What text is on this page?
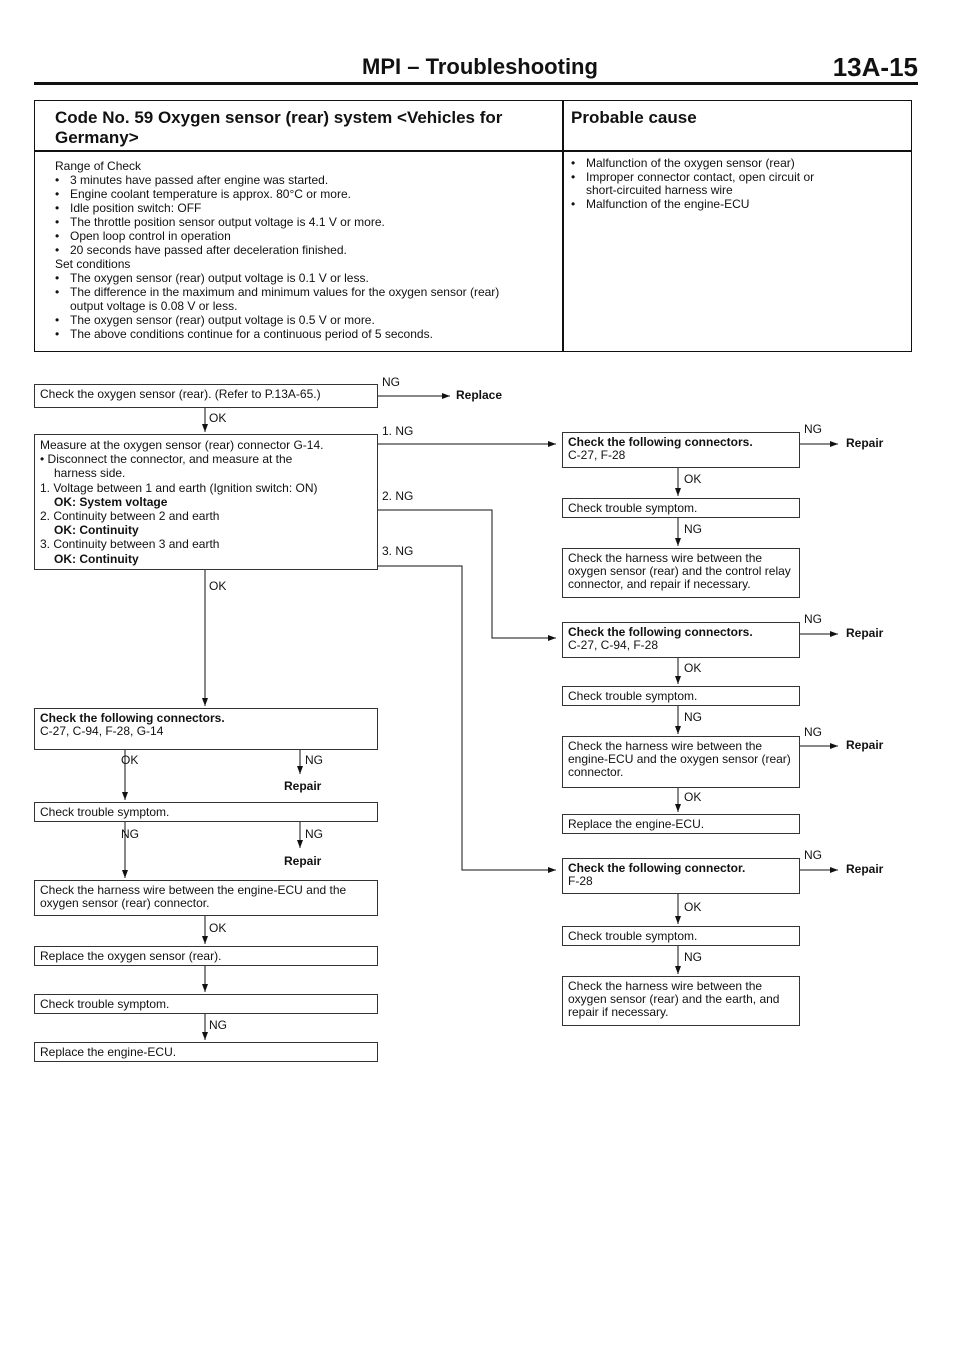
MPI – Troubleshooting	13A-15
Code No. 59 Oxygen sensor (rear) system <Vehicles for Germany>
Probable cause
Range of Check
• 3 minutes have passed after engine was started.
• Engine coolant temperature is approx. 80°C or more.
• Idle position switch: OFF
• The throttle position sensor output voltage is 4.1 V or more.
• Open loop control in operation
• 20 seconds have passed after deceleration finished.
Set conditions
• The oxygen sensor (rear) output voltage is 0.1 V or less.
• The difference in the maximum and minimum values for the oxygen sensor (rear)
output voltage is 0.08 V or less.
• The oxygen sensor (rear) output voltage is 0.5 V or more.
• The above conditions continue for a continuous period of 5 seconds.
• Malfunction of the oxygen sensor (rear)
• Improper connector contact, open circuit or
short-circuited harness wire
• Malfunction of the engine-ECU
Check the oxygen sensor (rear). (Refer to P.13A-65.)
NG
Replace
OK
Measure at the oxygen sensor (rear) connector G-14.
• Disconnect the connector, and measure at the
harness side.
1. Voltage between 1 and earth (Ignition switch: ON)
OK: System voltage
2. Continuity between 2 and earth
OK: Continuity
3. Continuity between 3 and earth
OK: Continuity
1. NG
2. NG
3. NG
OK
Check the following connectors.
C-27, C-94, F-28, G-14
OK	NG
Repair
Check trouble symptom.
NG	NG
Repair
Check the harness wire between the engine-ECU and the oxygen sensor (rear) connector.
OK
Replace the oxygen sensor (rear).
Check trouble symptom.
NG
Replace the engine-ECU.
Check the following connectors.
C-27, F-28
NG
Repair
OK
Check trouble symptom.
NG
Check the harness wire between the oxygen sensor (rear) and the control relay connector, and repair if necessary.
Check the following connectors.
C-27, C-94, F-28
NG
Repair
OK
Check trouble symptom.
NG
Check the harness wire between the engine-ECU and the oxygen sensor (rear) connector.
NG
Repair
OK
Replace the engine-ECU.
Check the following connector.
F-28
NG
Repair
OK
Check trouble symptom.
NG
Check the harness wire between the oxygen sensor (rear) and the earth, and repair if necessary.
